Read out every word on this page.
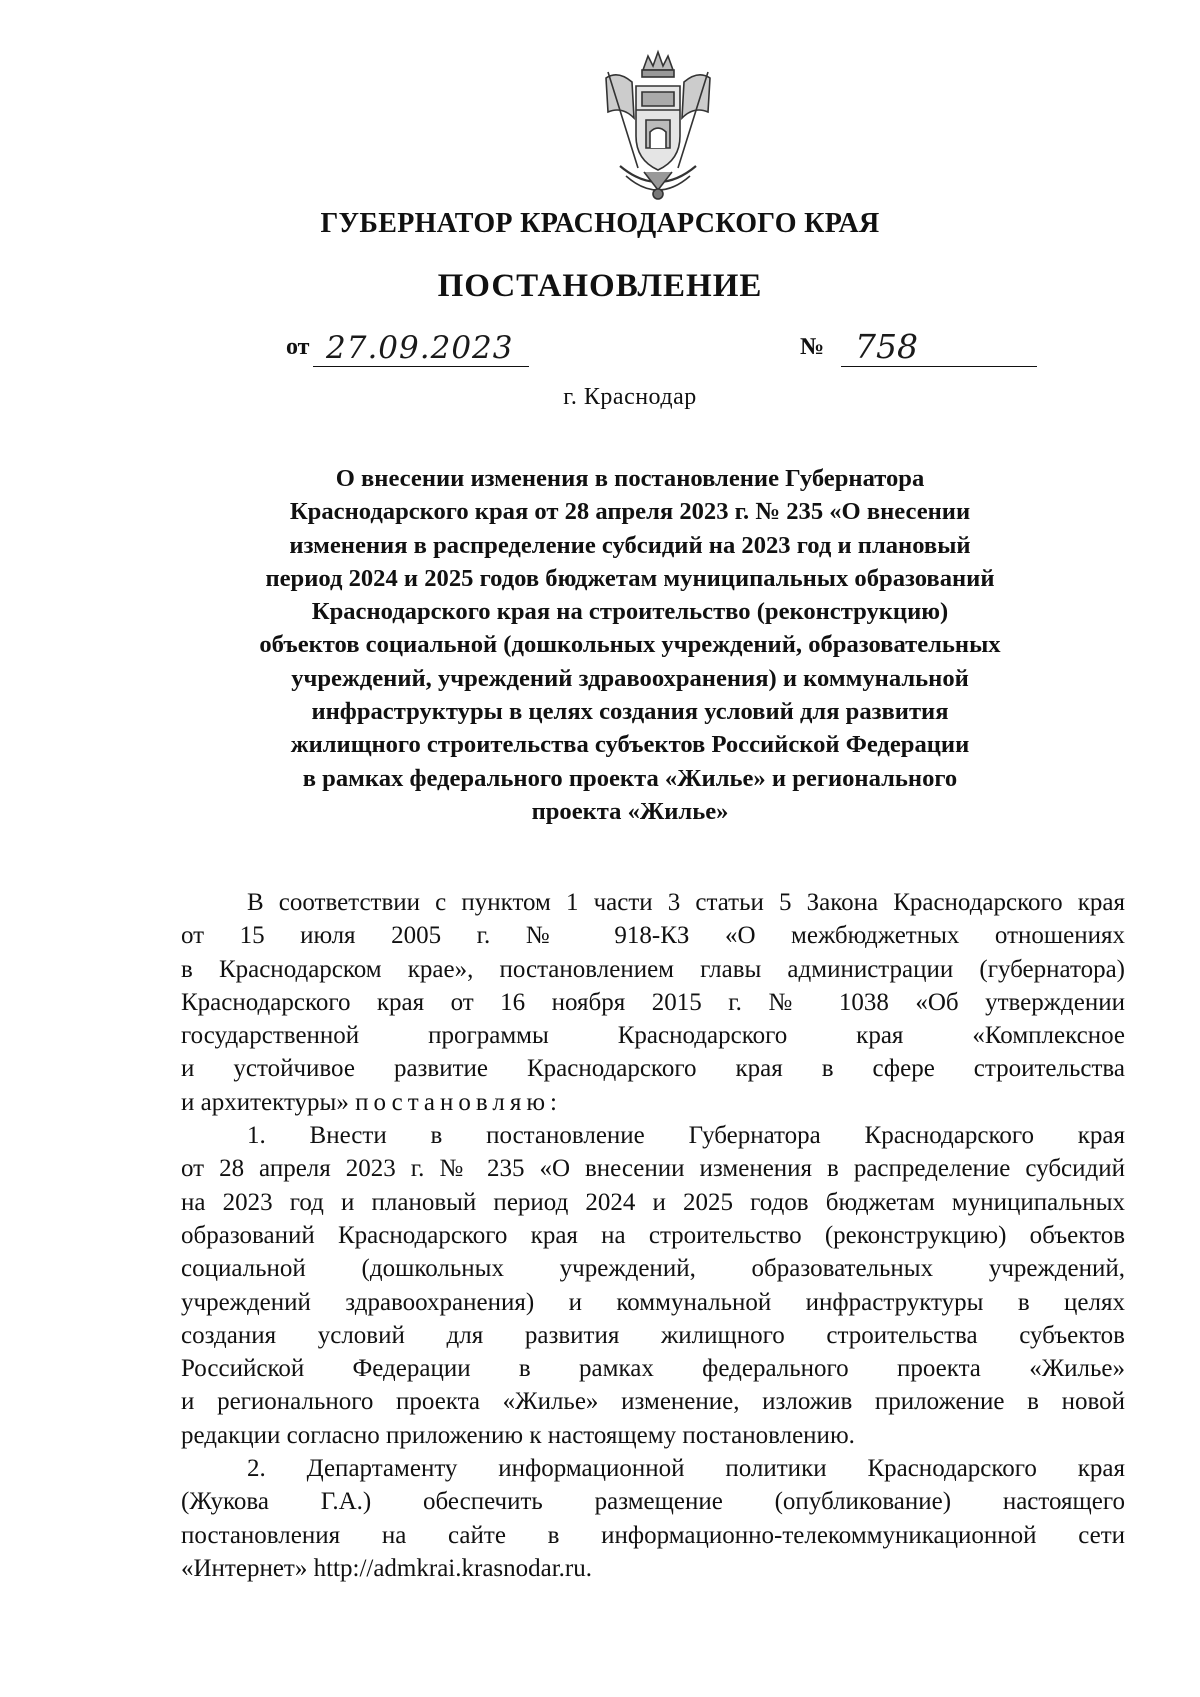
ГУБЕРНАТОР КРАСНОДАРСКОГО КРАЯ
ПОСТАНОВЛЕНИЕ
от 27.09.2023	№ 758
г. Краснодар
О внесении изменения в постановление Губернатора
Краснодарского края от 28 апреля 2023 г. № 235 «О внесении
изменения в распределение субсидий на 2023 год и плановый
период 2024 и 2025 годов бюджетам муниципальных образований
Краснодарского края на строительство (реконструкцию)
объектов социальной (дошкольных учреждений, образовательных
учреждений, учреждений здравоохранения) и коммунальной
инфраструктуры в целях создания условий для развития
жилищного строительства субъектов Российской Федерации
в рамках федерального проекта «Жилье» и регионального
проекта «Жилье»
В соответствии с пунктом 1 части 3 статьи 5 Закона Краснодарского края
от 15 июля 2005 г. № 918-КЗ «О межбюджетных отношениях
в Краснодарском крае», постановлением главы администрации (губернатора)
Краснодарского края от 16 ноября 2015 г. № 1038 «Об утверждении
государственной программы Краснодарского края «Комплексное
и устойчивое развитие Краснодарского края в сфере строительства
и архитектуры» постановляю:
1. Внести в постановление Губернатора Краснодарского края
от 28 апреля 2023 г. № 235 «О внесении изменения в распределение субсидий
на 2023 год и плановый период 2024 и 2025 годов бюджетам муниципальных
образований Краснодарского края на строительство (реконструкцию) объектов
социальной (дошкольных учреждений, образовательных учреждений,
учреждений здравоохранения) и коммунальной инфраструктуры в целях
создания условий для развития жилищного строительства субъектов
Российской Федерации в рамках федерального проекта «Жилье»
и регионального проекта «Жилье» изменение, изложив приложение в новой
редакции согласно приложению к настоящему постановлению.
2. Департаменту информационной политики Краснодарского края
(Жукова Г.А.) обеспечить размещение (опубликование) настоящего
постановления на сайте в информационно-телекоммуникационной сети
«Интернет» http://admkrai.krasnodar.ru.
